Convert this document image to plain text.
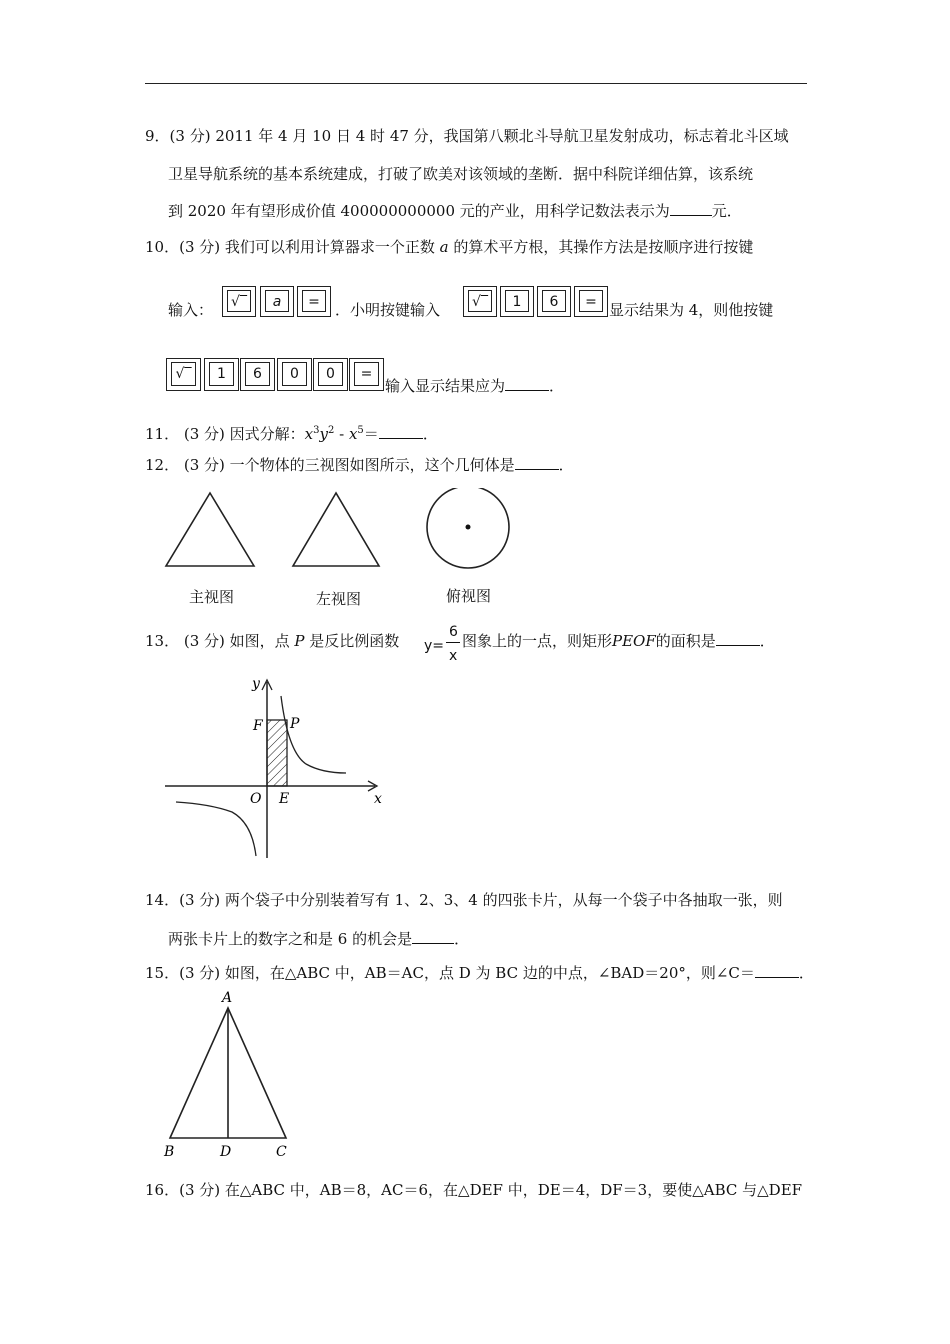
9．(3 分) 2011 年 4 月 10 日 4 时 47 分，我国第八颗北斗导航卫星发射成功，标志着北斗区域
卫星导航系统的基本系统建成，打破了欧美对该领域的垄断．据中科院详细估算，该系统
到 2020 年有望形成价值 400000000000 元的产业，用科学记数法表示为	元．
10．(3 分) 我们可以利用计算器求一个正数 a 的算术平方根，其操作方法是按顺序进行按键
输入： √‾	a	=	．小明按键输入 √‾	1	6	= 显示结果为 4，则他按键
√‾	1	6	0	0	=
输入显示结果应为	．
11． (3 分) 因式分解：$x^3y^2 - x^5=$	．
12． (3 分) 一个物体的三视图如图所示，这个几何体是	．
主视图	左视图	俯视图
13． (3 分) 如图，点 P 是反比例函数 y=
6
x
图象上的一点，则矩形PEOF的面积是	．
y
x
F P
O E
14．(3 分) 两个袋子中分别装着写有 1、2、3、4 的四张卡片，从每一个袋子中各抽取一张，则
两张卡片上的数字之和是 6 的机会是	．
15．(3 分) 如图，在△ABC 中，AB＝AC，点 D 为 BC 边的中点，∠BAD＝20°，则∠C＝	．
A
B	D	C
16．(3 分) 在△ABC 中，AB＝8，AC＝6，在△DEF 中，DE＝4，DF＝3，要使△ABC 与△DEF
